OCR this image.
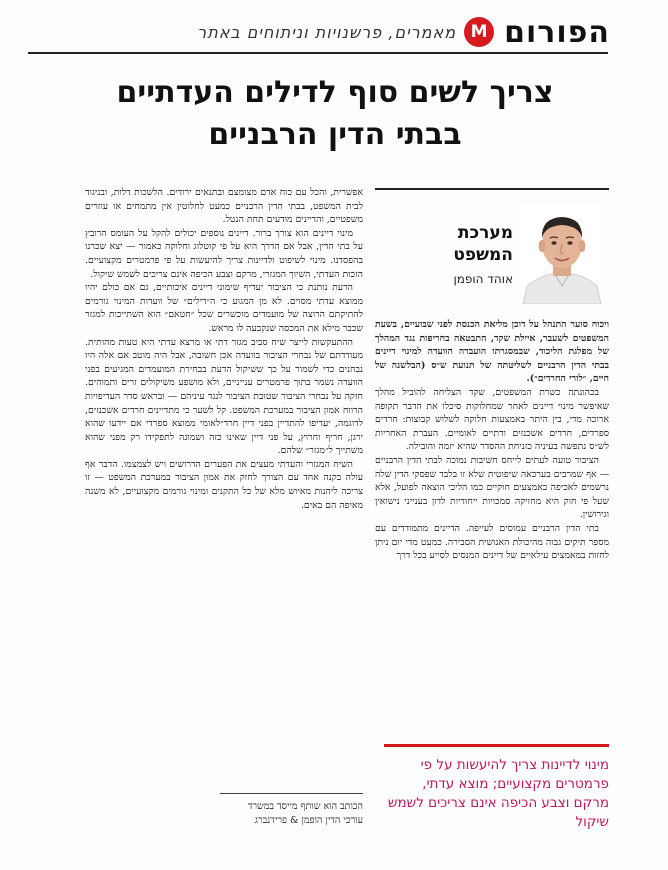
הפורום
M
מאמרים, פרשנויות וניתוחים באתר
צריך לשים סוף לדילים העדתיים
בבתי הדין הרבניים
מערכת
המשפט
אוהד הופמן

ויכוח סוער התנהל על דוכן מליאת הכנסת לפני שבועיים, בשעת המשפטים לשעבר, איילת שקד, התבטאה בחריפות נגד המהלך של מפלגת הליכוד, שבמסגרתו הועברה הוועדה למינוי דיינים בבתי הדין הרבניים לשליטתה של תנועת ש״ס (הבלשנה של חיים, ״לורי החרדים״).

בכהונתה כשרת המשפטים, שקד הצליחה להוביל מהלך שאיפשר מינוי דיינים לאחר שמחלוקות סיכלו את הדבר תקופה ארוכה מדי, בין היתר באמצעות חלוקה לשלוש קבוצות: חרדים ספרדים, חרדים אשכנזים ודתיים לאומיים. העברת האחריות לש״ס נתפשה בעיניה כזניחת ההסדר שהיא יזמה והובילה.

הציבור טועה לעתים לייחס חשיבות נמוכה לבתי הדין הרבניים — אף שמרבים בערכאה שיפוטית שלא זו בלבד שפסקי הדין שלה נרשמים לאכיפה באמצעים חוקיים כמו הליכי הוצאה לפועל, אלא שעל פי חוק היא מחזיקה סמכויות ייחודיות לדון בענייני נישואין וגירושין.

בתי הדין הרבניים עמוסים לעייפה. הדיינים מתמודדים עם מספר תיקים גבוה מהיכולת האנושית הסבירה. כמעט מדי יום ניתן לחזות במאמצים עילאיים של דיינים המנסים לסייע בכל דרך

אפשרית, והכל עם כוח אדם מצומצם ובתנאים ירודים. הלשכות דלות, ובניגוד לבית המשפט, בבתי הדין הרבניים כמעט לחלוטין אין מתמחים או עוזרים משפטיים, והדיינים מודעים תחת הנטל.

מינוי דיינים הוא צורך ברור. דיינים נוספים יכולים להקל על העומס הרובץ על בתי הדין, אבל אם הדרך היא על פי קוטלוג וחלוקה כאמור — יצא שכרנו בהפסדנו. מינוי לשיפוט ולדיינות צריך להיעשות על פי פרמטרים מקצועיים. הזכות העדתי, השיוך המגזרי, מרקם וצבע הכיפה אינם צריכים לשמש שיקול.

הרעת נותנת כי הציבור יעדיף שימוני דיינים איכותיים, גם אם כולם יהיו ממוצא עדתי מסוים. לא מן המגוע כי ה״דילים״ של וועדות המינוי גורמים להתיקתם הרוצה של מועמדים מוכשרים שכל ״חטאם״ הוא השתייכות למגזר שכבר מילא את המכסה שנקבעה לו מראש.

ההתעקשות לייצר שיח סביב מגזר דתי או מרצא עדתי היא טעות מהותית. מעודדתם של נבחרי הציבור בוועדה אכן חשובה, אבל היה מוטב אם אלה היו נבחנים כדי לשמור על כך ששיקול הדעת בבחירת המועמדים המגיעים בפני הוועדה נשמר בתוך פרמטרים ענייניים, ולא מושפע משיקולים זרים ותמוהים. חזקה על נבחרי הציבור שטובת הציבור לנגד עיניהם — ובראש סדר העדיפויות הרווח אמון הציבור במערכת המשפט. קל לשער כי מתדיינים חרדים אשכנזים, לדוגמה, יעדיפו להתדיין בפני דיין חרד״לאומי ממוצא ספרדי אם יידעו שהוא ירגן, חריף וחרוץ, על פני דיין שאינו כזה ושמונה לתפקידו רק מפני שהוא משתייך ל״מגזר״ שלהם.

השיח המגזרי והעדתי מעצים את הפערים הדרושים ויש לצמצמו. הדבר אף עולה בקנה אחד עם הצורך לחזק את אמון הציבור במערכת המשפט — זו צריכה ליהנות מאיוש מלא של כל התקנים ומינוי גורמים מקצועיים, לא משנה מאיפה הם באים.

הכותב הוא שותף מייסד במשרד
עורכי הדין הופמן & פרידנברג
מינוי לדיינות צריך להיעשות על פי פרמטרים מקצועיים; מוצא עדתי, מרקם וצבע הכיפה אינם צריכים לשמש שיקול
